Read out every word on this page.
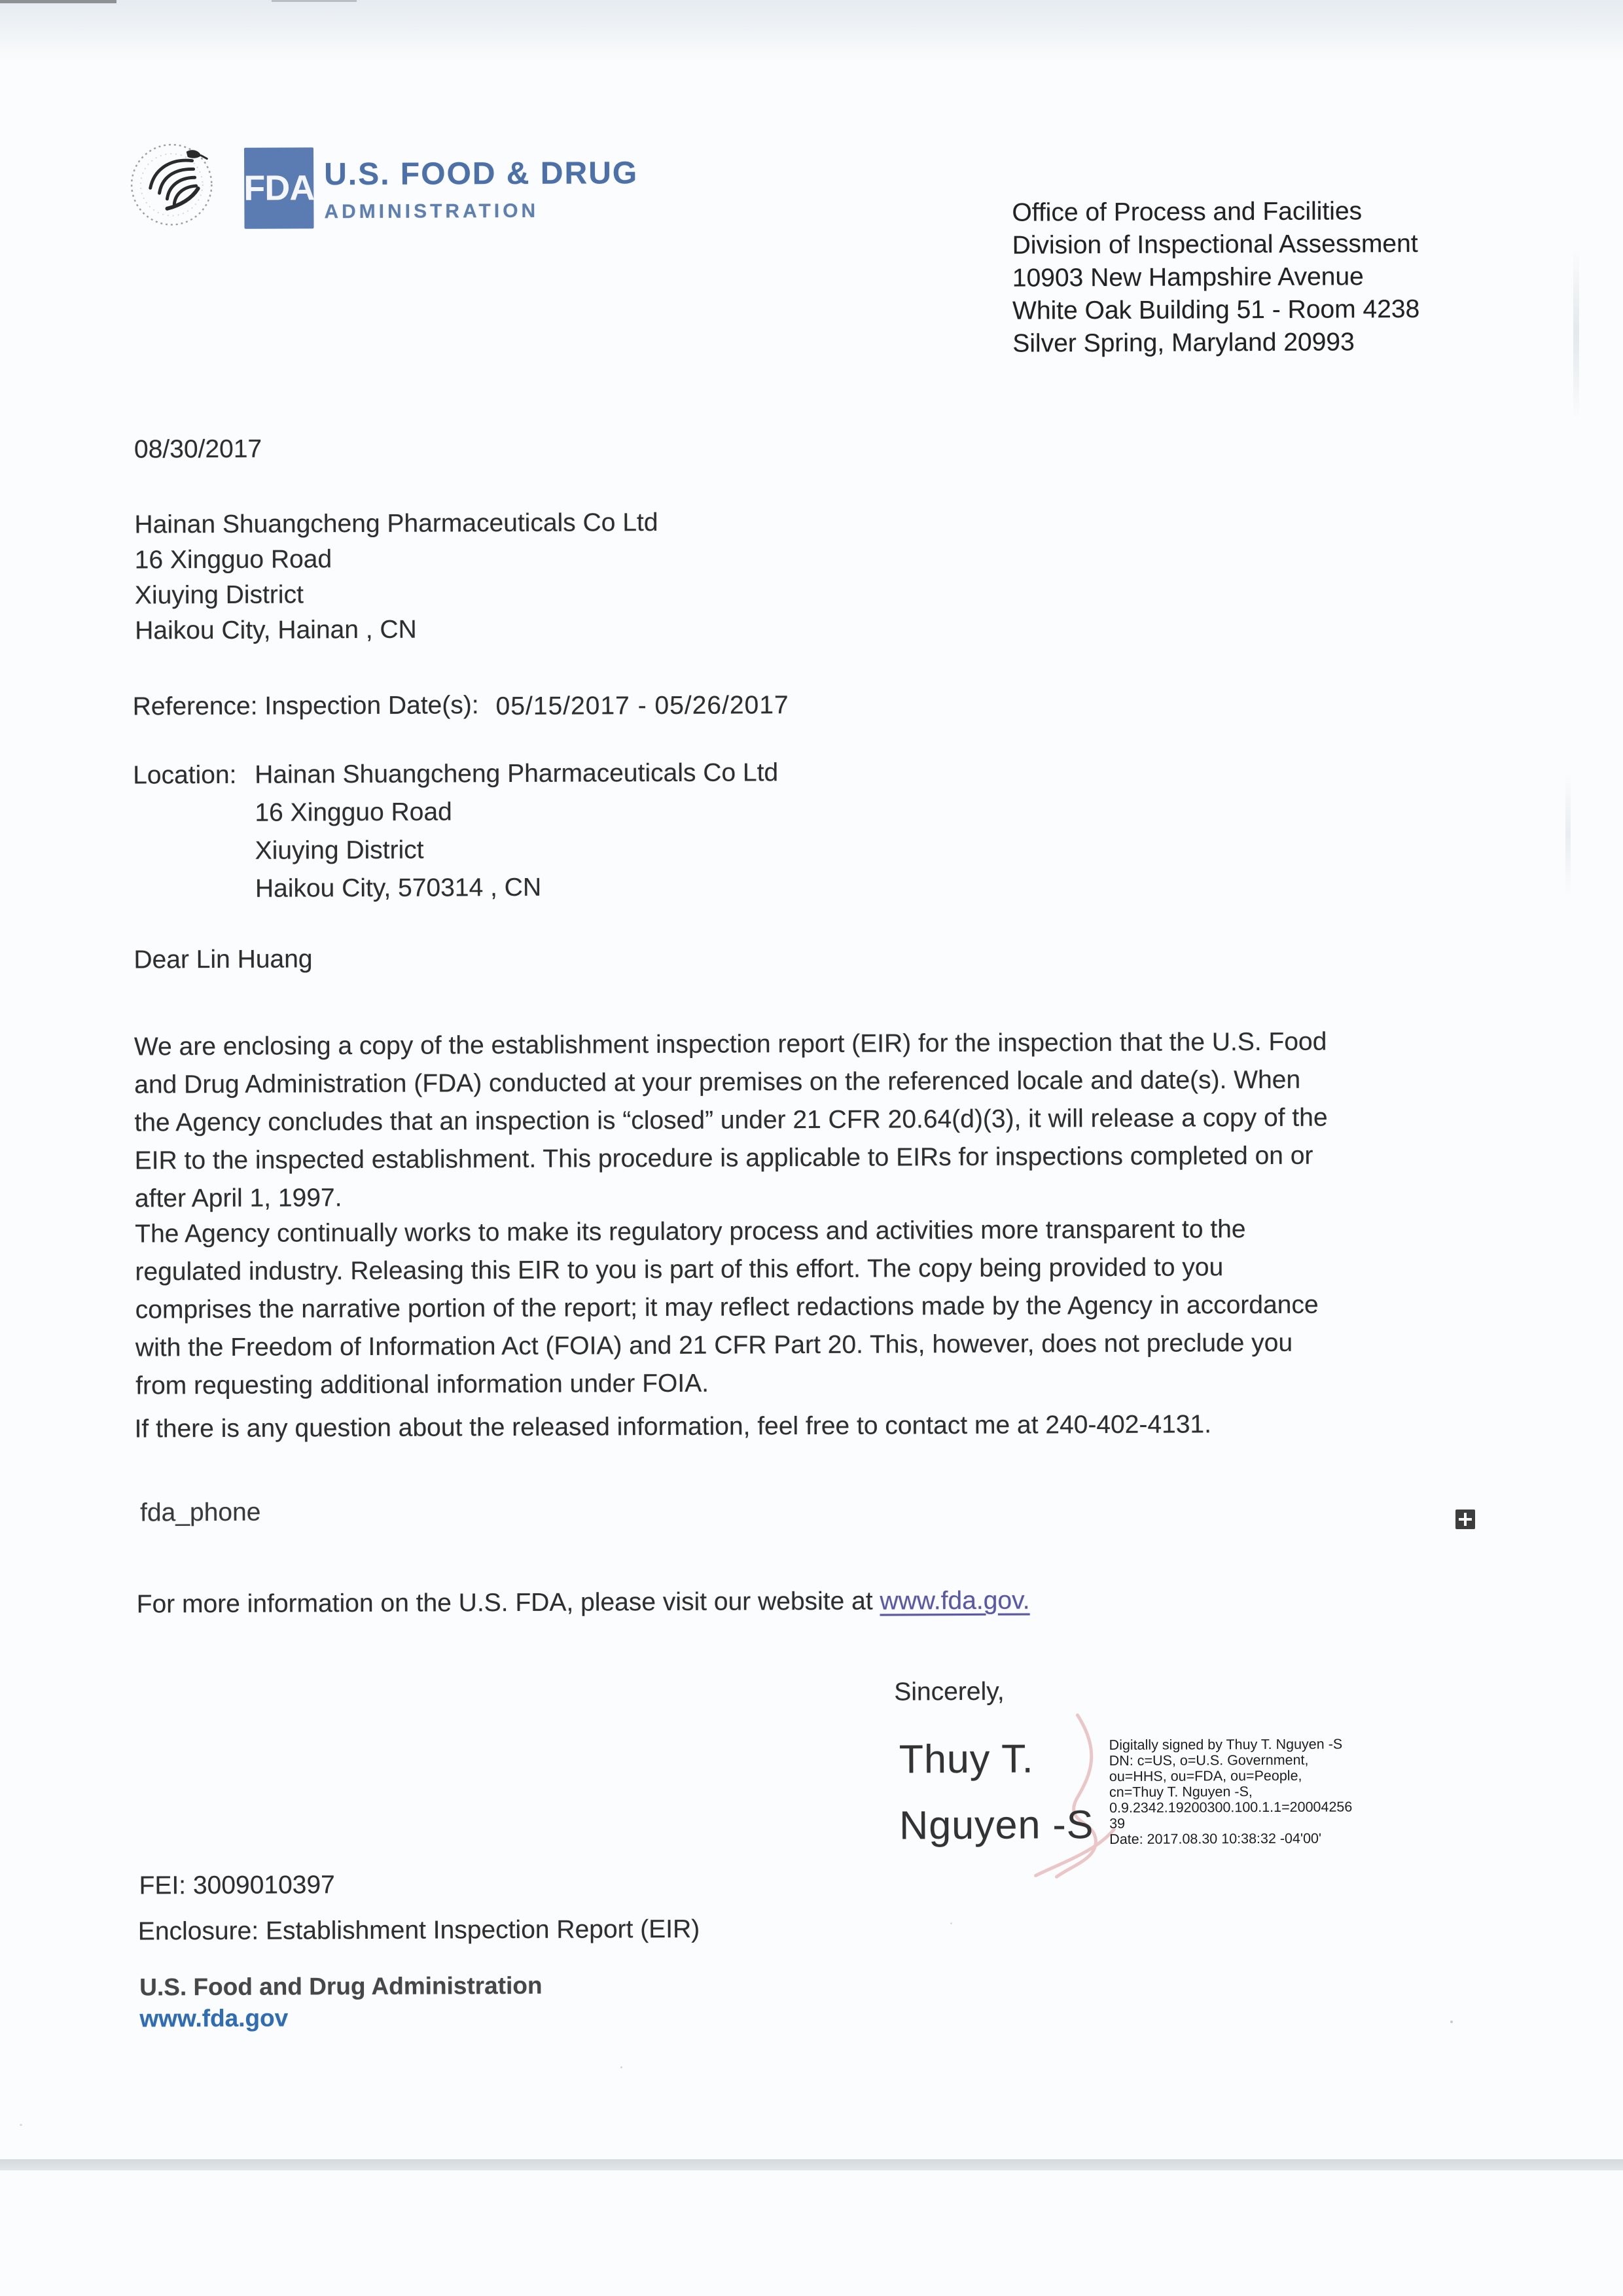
FDA U.S. FOOD & DRUG
ADMINISTRATION	Office of Process and Facilities
Division of Inspectional Assessment
10903 New Hampshire Avenue
White Oak Building 51 - Room 4238
Silver Spring, Maryland 20993
08/30/2017
Hainan Shuangcheng Pharmaceuticals Co Ltd
16 Xingguo Road
Xiuying District
Haikou City, Hainan , CN
Reference: Inspection Date(s): 05/15/2017 - 05/26/2017
Location: Hainan Shuangcheng Pharmaceuticals Co Ltd
16 Xingguo Road
Xiuying District
Haikou City, 570314 , CN
Dear Lin Huang
We are enclosing a copy of the establishment inspection report (EIR) for the inspection that the U.S. Food
and Drug Administration (FDA) conducted at your premises on the referenced locale and date(s). When
the Agency concludes that an inspection is “closed” under 21 CFR 20.64(d)(3), it will release a copy of the
EIR to the inspected establishment. This procedure is applicable to EIRs for inspections completed on or
after April 1, 1997.
The Agency continually works to make its regulatory process and activities more transparent to the
regulated industry. Releasing this EIR to you is part of this effort. The copy being provided to you
comprises the narrative portion of the report; it may reflect redactions made by the Agency in accordance
with the Freedom of Information Act (FOIA) and 21 CFR Part 20. This, however, does not preclude you
from requesting additional information under FOIA.
If there is any question about the released information, feel free to contact me at 240-402-4131.
fda_phone
For more information on the U.S. FDA, please visit our website at www.fda.gov.
Sincerely,
Thuy T.
Nguyen -S
Digitally signed by Thuy T. Nguyen -S
DN: c=US, o=U.S. Government,
ou=HHS, ou=FDA, ou=People,
cn=Thuy T. Nguyen -S,
0.9.2342.19200300.100.1.1=20004256
39
Date: 2017.08.30 10:38:32 -04'00'
FEI: 3009010397
Enclosure: Establishment Inspection Report (EIR)
U.S. Food and Drug Administration
www.fda.gov
